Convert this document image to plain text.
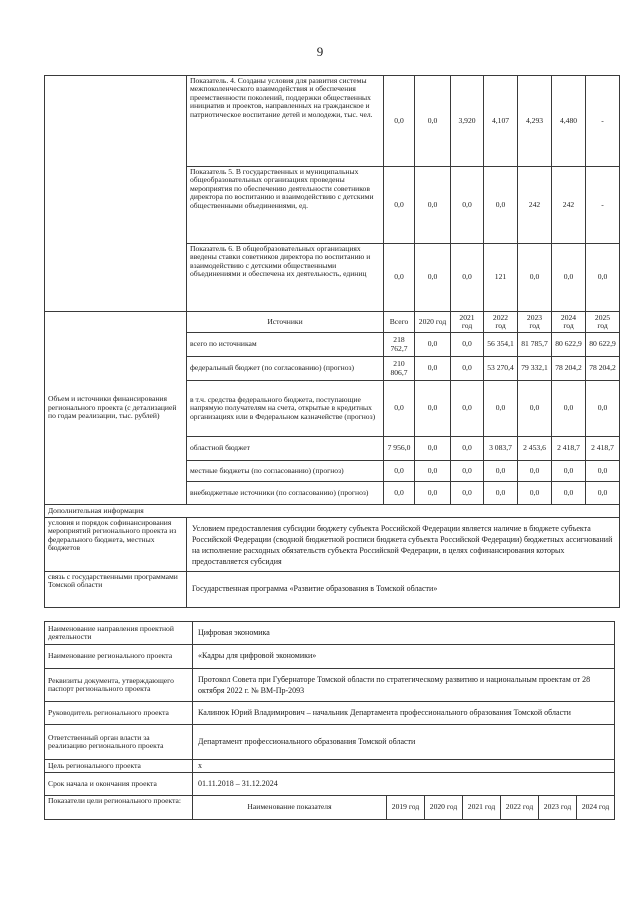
9
	Показатель. 4. Созданы условия для развития системы межпоколенческого взаимодействия и обеспечения преемственности поколений, поддержки общественных инициатив и проектов, направленных на гражданское и патриотическое воспитание детей и молодежи, тыс. чел.	0,0	0,0	3,920	4,107	4,293	4,480	-
	Показатель 5. В государственных и муниципальных общеобразовательных организациях проведены мероприятия по обеспечению деятельности советников директора по воспитанию и взаимодействию с детскими общественными объединениями, ед.	0,0	0,0	0,0	0,0	242	242	-
	Показатель 6. В общеобразовательных организациях введены ставки советников директора по воспитанию и взаимодействию с детскими общественными объединениями и обеспечена их деятельность, единиц	0,0	0,0	0,0	121	0,0	0,0	0,0
Объем и источники финансирования регионального проекта (с детализацией по годам реализации, тыс. рублей)	Источники	Всего	2020 год	2021 год	2022 год	2023 год	2024 год	2025 год
	всего по источникам	218 762,7	0,0	0,0	56 354,1	81 785,7	80 622,9	80 622,9
	федеральный бюджет (по согласованию) (прогноз)	210 806,7	0,0	0,0	53 270,4	79 332,1	78 204,2	78 204,2
	в т.ч. средства федерального бюджета, поступающие напрямую получателям на счета, открытые в кредитных организациях или в Федеральном казначействе (прогноз)	0,0	0,0	0,0	0,0	0,0	0,0	0,0
	областной бюджет	7 956,0	0,0	0,0	3 083,7	2 453,6	2 418,7	2 418,7
	местные бюджеты (по согласованию) (прогноз)	0,0	0,0	0,0	0,0	0,0	0,0	0,0
	внебюджетные источники (по согласованию) (прогноз)	0,0	0,0	0,0	0,0	0,0	0,0	0,0
Дополнительная информация								
условия и порядок софинансирования мероприятий регионального проекта из федерального бюджета, местных бюджетов	Условием предоставления субсидии бюджету субъекта Российской Федерации является наличие в бюджете субъекта Российской Федерации (сводной бюджетной росписи бюджета субъекта Российской Федерации) бюджетных ассигнований на исполнение расходных обязательств субъекта Российской Федерации, в целях софинансирования которых предоставляется субсидия							
связь с государственными программами Томской области	Государственная программа «Развитие образования в Томской области»							
Наименование направления проектной деятельности	Цифровая экономика						
Наименование регионального проекта	«Кадры для цифровой экономики»						
Реквизиты документа, утверждающего паспорт регионального проекта	Протокол Совета при Губернаторе Томской области по стратегическому развитию и национальным проектам от 28 октября 2022 г. № ВМ-Пр-2093						
Руководитель регионального проекта	Калинюк Юрий Владимирович – начальник Департамента профессионального образования Томской области						
Ответственный орган власти за реализацию регионального проекта	Департамент профессионального образования Томской области						
Цель регионального проекта	х						
Срок начала и окончания проекта	01.11.2018 – 31.12.2024						
Показатели цели регионального проекта:	Наименование показателя	2019 год	2020 год	2021 год	2022 год	2023 год	2024 год
